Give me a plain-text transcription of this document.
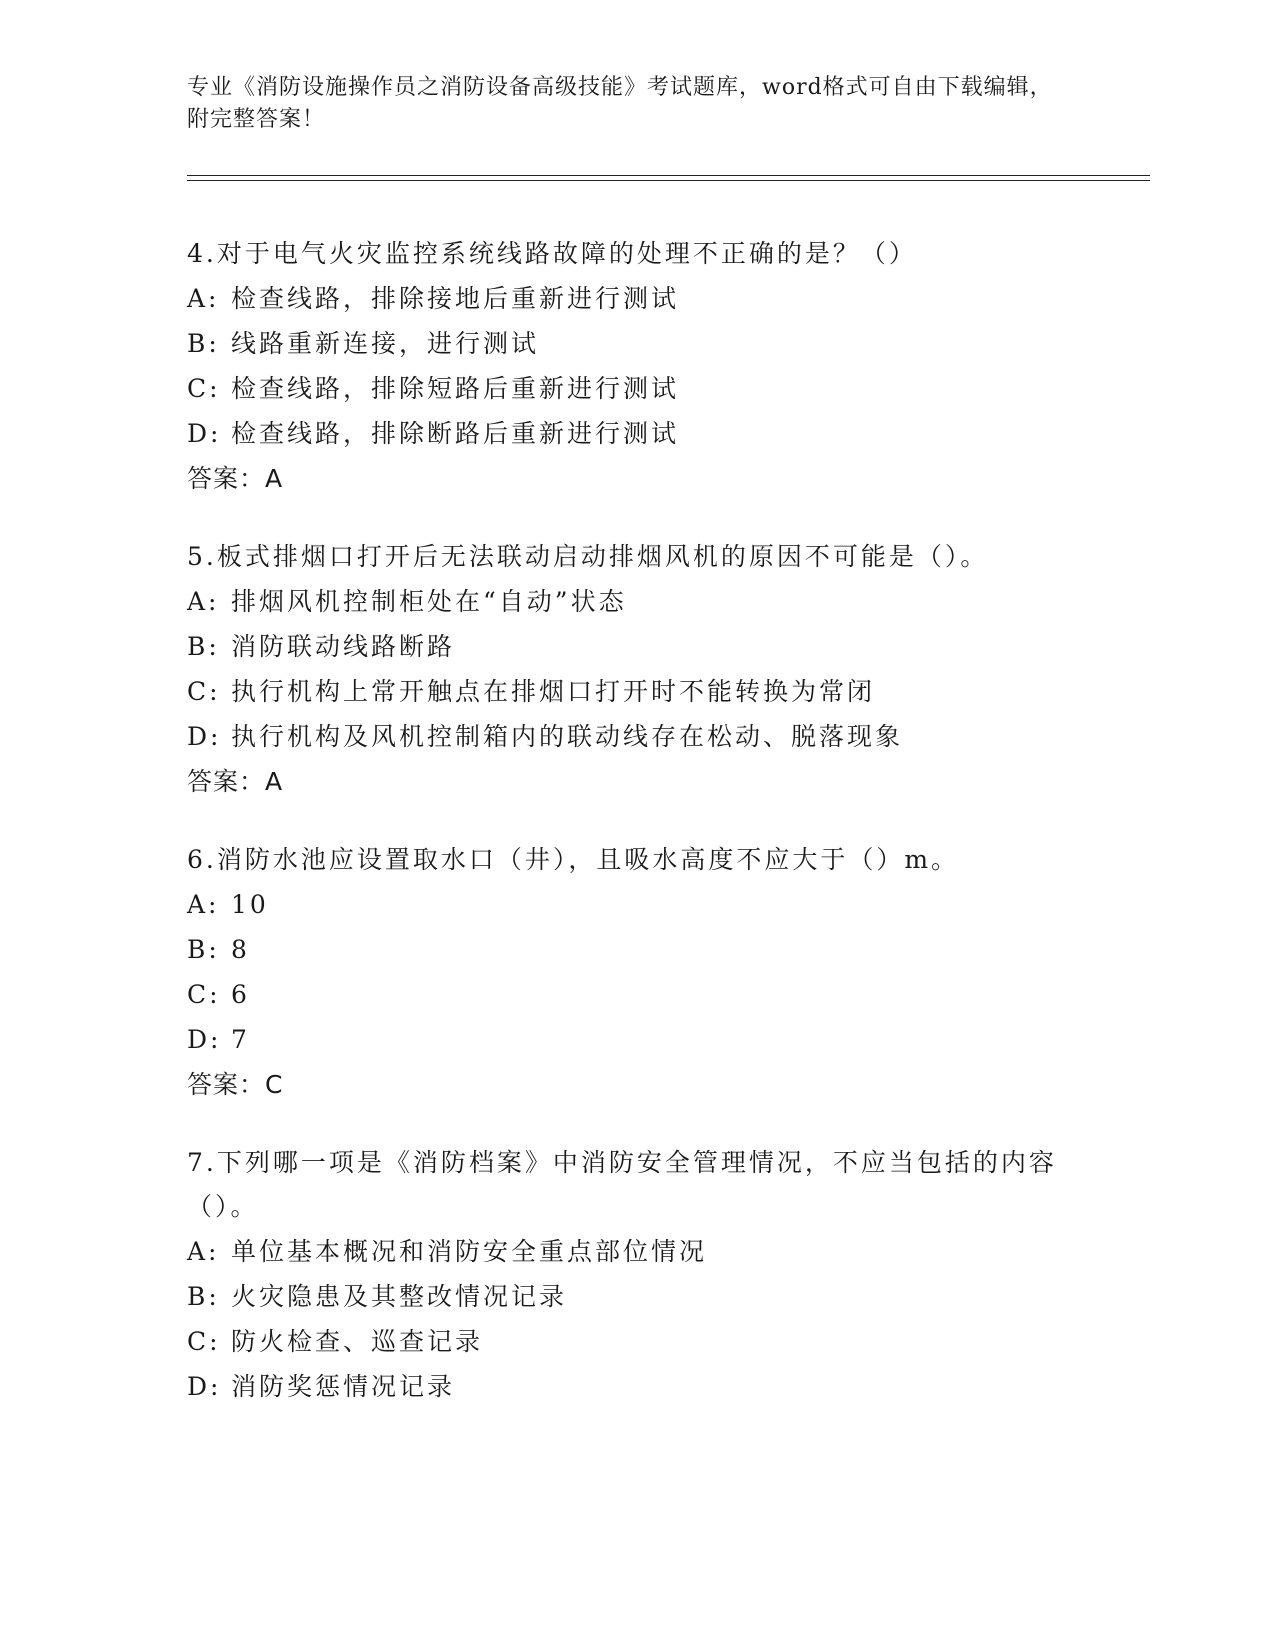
专业《消防设施操作员之消防设备高级技能》考试题库，word格式可自由下载编辑，附完整答案！
4.对于电气火灾监控系统线路故障的处理不正确的是？（）
A: 检查线路，排除接地后重新进行测试
B: 线路重新连接，进行测试
C: 检查线路，排除短路后重新进行测试
D: 检查线路，排除断路后重新进行测试
答案：A
5.板式排烟口打开后无法联动启动排烟风机的原因不可能是（）。
A: 排烟风机控制柜处在“自动”状态
B: 消防联动线路断路
C: 执行机构上常开触点在排烟口打开时不能转换为常闭
D: 执行机构及风机控制箱内的联动线存在松动、脱落现象
答案：A
6.消防水池应设置取水口（井），且吸水高度不应大于（）m。
A: 10
B: 8
C: 6
D: 7
答案：C
7.下列哪一项是《消防档案》中消防安全管理情况，不应当包括的内容（）。
A: 单位基本概况和消防安全重点部位情况
B: 火灾隐患及其整改情况记录
C: 防火检查、巡查记录
D: 消防奖惩情况记录
